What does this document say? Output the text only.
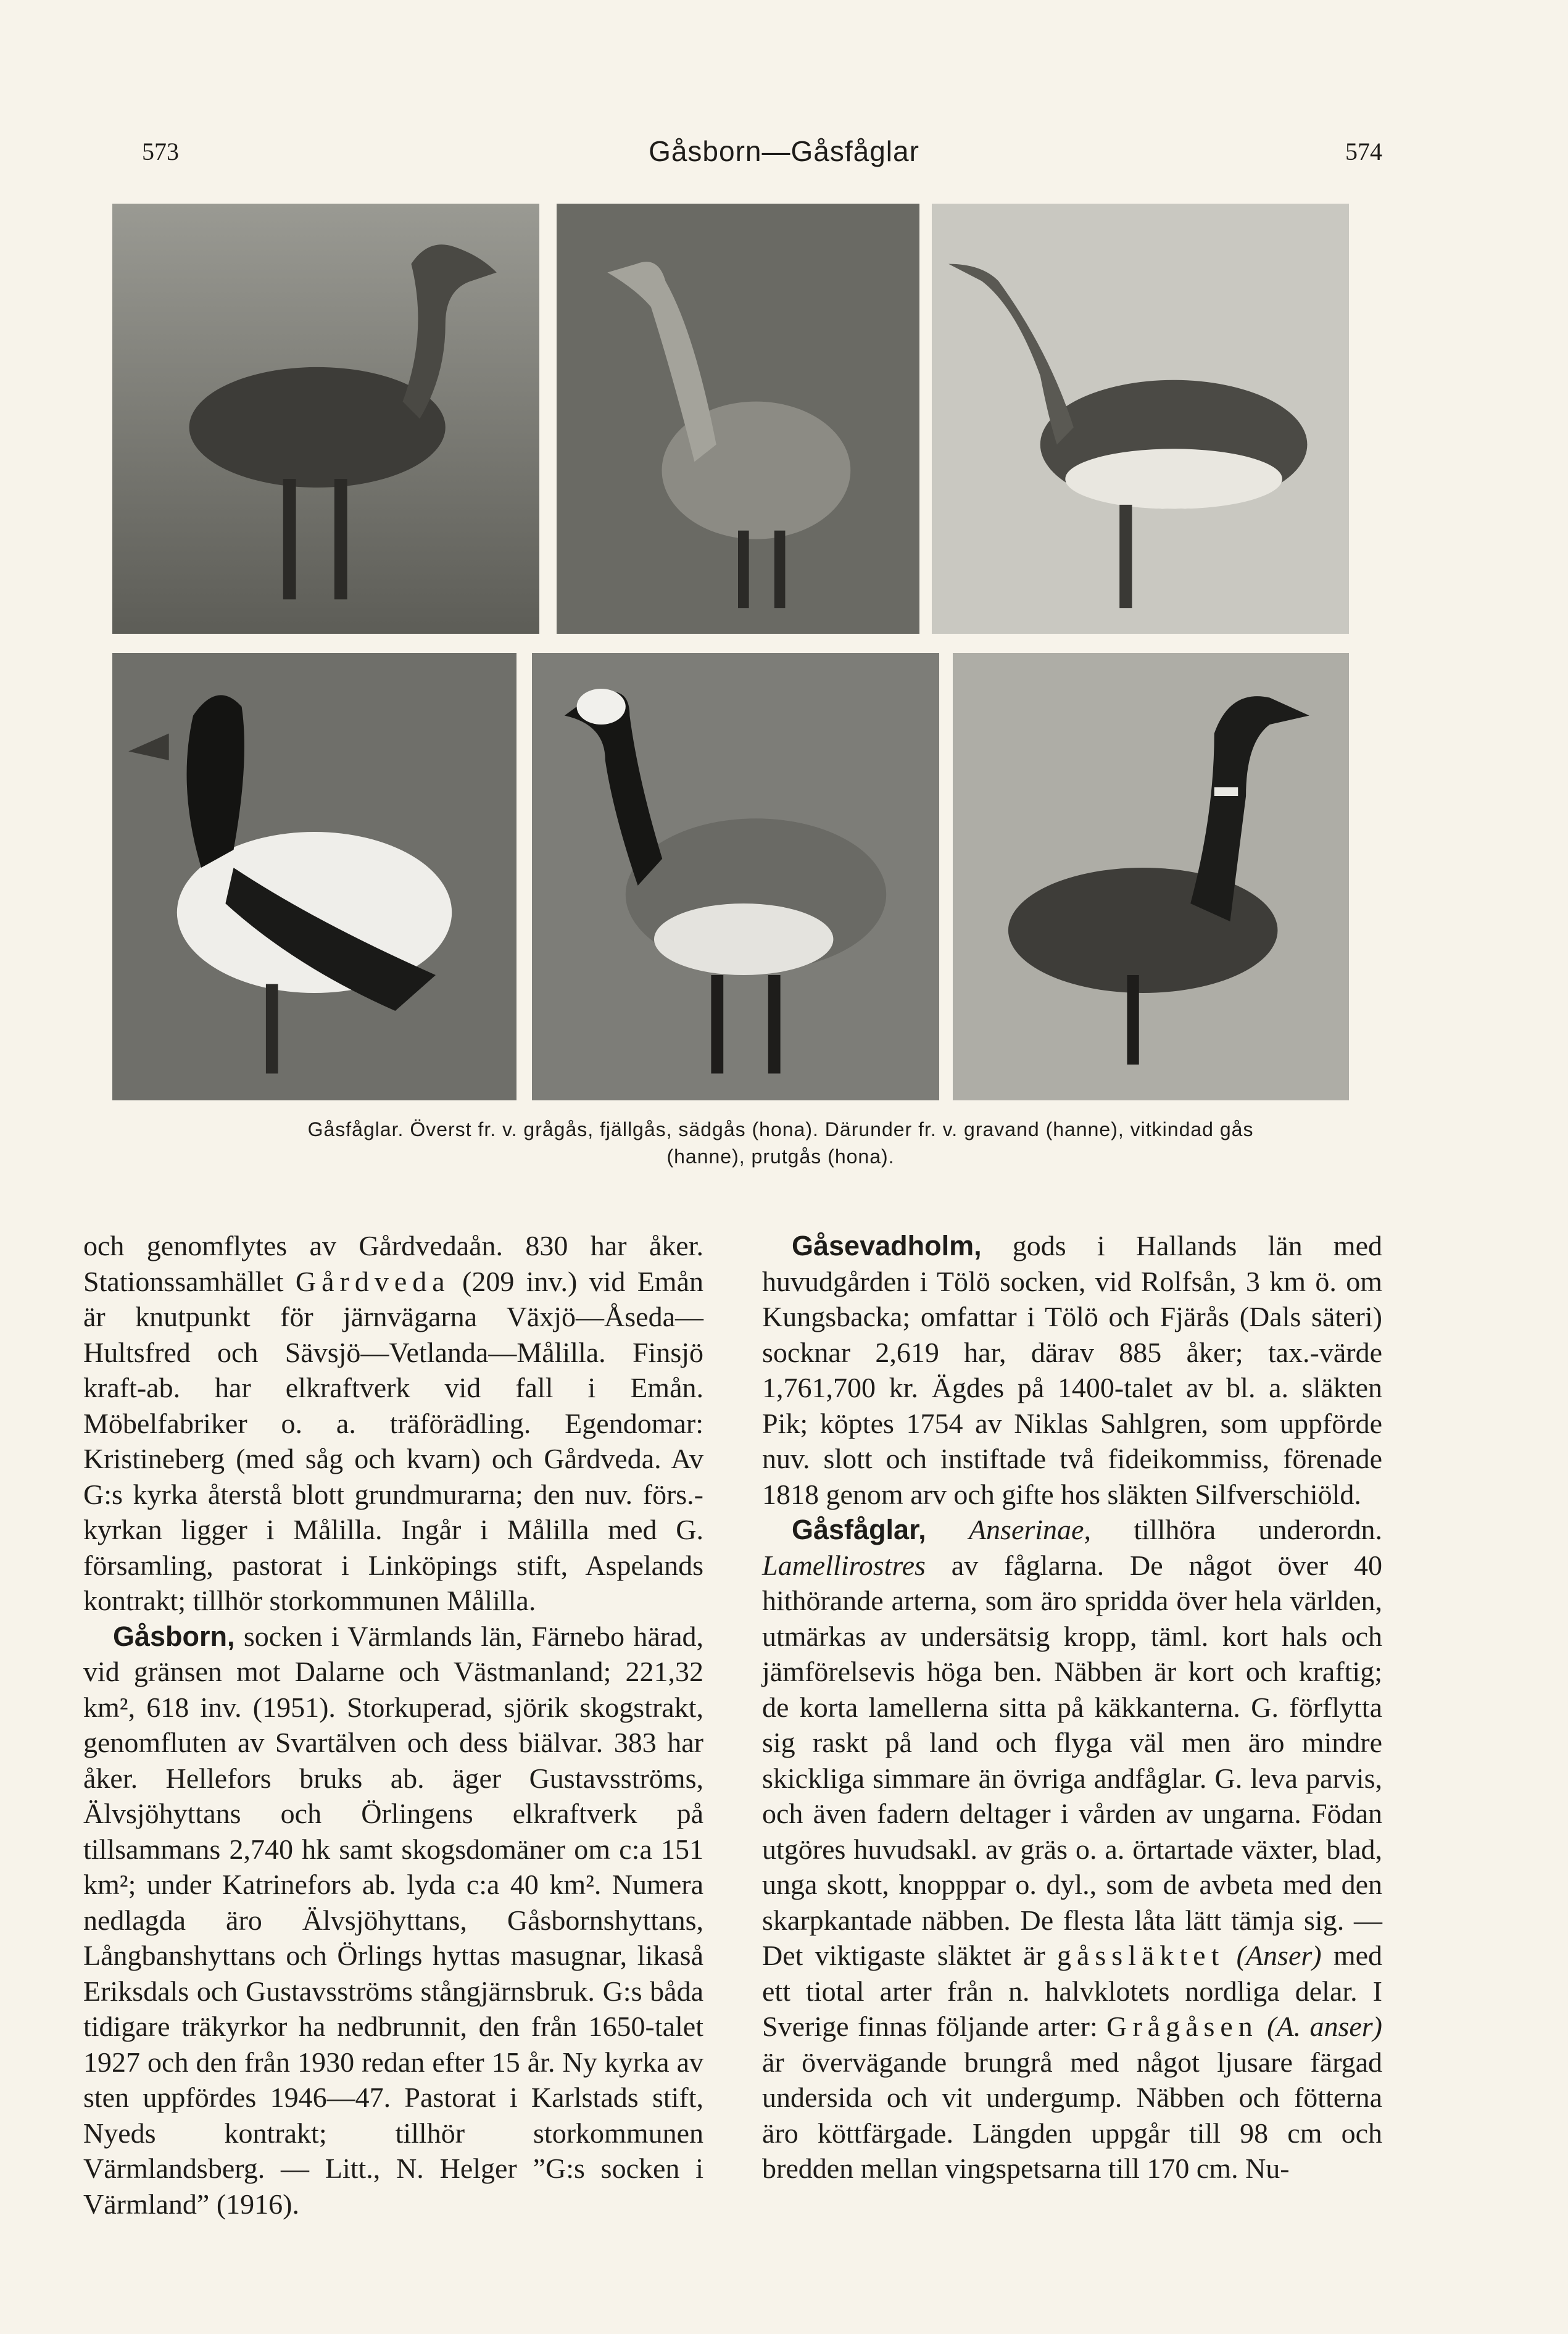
573	Gåsborn—Gåsfåglar	574
Gåsfåglar. Överst fr. v. grågås, fjällgås, sädgås (hona). Därunder fr. v. gravand (hanne), vitkindad gås
(hanne), prutgås (hona).

och genomflytes av Gårdvedaån. 830 har åker. Stationssamhället Gårdveda (209 inv.) vid Emån är knutpunkt för järnvägarna Växjö—Åseda—Hultsfred och Sävsjö—Vetlanda—Målilla. Finsjö kraft-ab. har elkraftverk vid fall i Emån. Möbelfabriker o. a. träförädling. Egendomar: Kristineberg (med såg och kvarn) och Gårdveda. Av G:s kyrka återstå blott grundmurarna; den nuv. förs.-kyrkan ligger i Målilla. Ingår i Målilla med G. församling, pastorat i Linköpings stift, Aspelands kontrakt; tillhör storkommunen Målilla.

Gåsborn, socken i Värmlands län, Färnebo härad, vid gränsen mot Dalarne och Västmanland; 221,32 km², 618 inv. (1951). Storkuperad, sjörik skogstrakt, genomfluten av Svartälven och dess biälvar. 383 har åker. Hellefors bruks ab. äger Gustavsströms, Älvsjöhyttans och Örlingens elkraftverk på tillsammans 2,740 hk samt skogsdomäner om c:a 151 km²; under Katrinefors ab. lyda c:a 40 km². Numera nedlagda äro Älvsjöhyttans, Gåsbornshyttans, Långbanshyttans och Örlings hyttas masugnar, likaså Eriksdals och Gustavsströms stångjärnsbruk. G:s båda tidigare träkyrkor ha nedbrunnit, den från 1650-talet 1927 och den från 1930 redan efter 15 år. Ny kyrka av sten uppfördes 1946—47. Pastorat i Karlstads stift, Nyeds kontrakt; tillhör storkommunen Värmlandsberg. — Litt., N. Helger ”G:s socken i Värmland” (1916).

Gåsevadholm, gods i Hallands län med huvudgården i Tölö socken, vid Rolfsån, 3 km ö. om Kungsbacka; omfattar i Tölö och Fjärås (Dals säteri) socknar 2,619 har, därav 885 åker; tax.-värde 1,761,700 kr. Ägdes på 1400-talet av bl. a. släkten Pik; köptes 1754 av Niklas Sahlgren, som uppförde nuv. slott och instiftade två fideikommiss, förenade 1818 genom arv och gifte hos släkten Silfverschiöld.

Gåsfåglar, Anserinae, tillhöra underordn. Lamellirostres av fåglarna. De något över 40 hithörande arterna, som äro spridda över hela världen, utmärkas av undersätsig kropp, täml. kort hals och jämförelsevis höga ben. Näbben är kort och kraftig; de korta lamellerna sitta på käkkanterna. G. förflytta sig raskt på land och flyga väl men äro mindre skickliga simmare än övriga andfåglar. G. leva parvis, och även fadern deltager i vården av ungarna. Födan utgöres huvudsakl. av gräs o. a. örtartade växter, blad, unga skott, knopppar o. dyl., som de avbeta med den skarpkantade näbben. De flesta låta lätt tämja sig. — Det viktigaste släktet är gåssläktet (Anser) med ett tiotal arter från n. halvklotets nordliga delar. I Sverige finnas följande arter: Grågåsen (A. anser) är övervägande brungrå med något ljusare färgad undersida och vit undergump. Näbben och fötterna äro köttfärgade. Längden uppgår till 98 cm och bredden mellan vingspetsarna till 170 cm. Nu-
